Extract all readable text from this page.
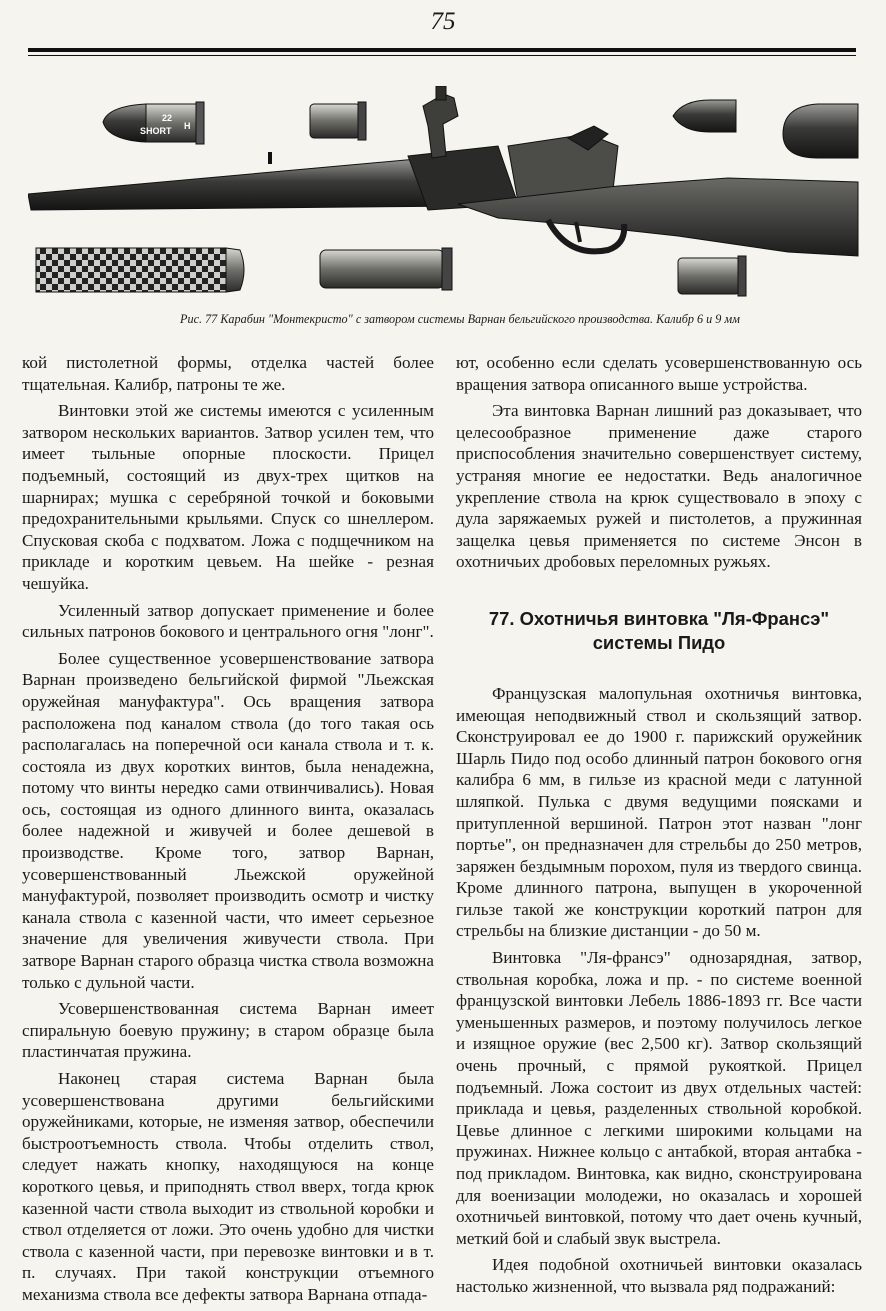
75
22
SHORT H
Рис. 77 Карабин "Монтекристо" с затвором системы Варнан бельгийского производства. Калибр 6 и 9 мм

кой пистолетной формы, отделка частей более тщательная. Калибр, патроны те же.

Винтовки этой же системы имеются с усиленным затвором нескольких вариантов. Затвор усилен тем, что имеет тыльные опорные плоскости. Прицел подъемный, состоящий из двух-трех щитков на шарнирах; мушка с серебряной точкой и боковыми предохранительными крыльями. Спуск со шнеллером. Спусковая скоба с подхватом. Ложа с подщечником на прикладе и коротким цевьем. На шейке - резная чешуйка.

Усиленный затвор допускает применение и более сильных патронов бокового и центрального огня "лонг".

Более существенное усовершенствование затвора Варнан произведено бельгийской фирмой "Льежская оружейная мануфактура". Ось вращения затвора расположена под каналом ствола (до того такая ось располагалась на поперечной оси канала ствола и т. к. состояла из двух коротких винтов, была ненадежна, потому что винты нередко сами отвинчивались). Новая ось, состоящая из одного длинного винта, оказалась более надежной и живучей и более дешевой в производстве. Кроме того, затвор Варнан, усовершенствованный Льежской оружейной мануфактурой, позволяет производить осмотр и чистку канала ствола с казенной части, что имеет серьезное значение для увеличения живучести ствола. При затворе Варнан старого образца чистка ствола возможна только с дульной части.

Усовершенствованная система Варнан имеет спиральную боевую пружину; в старом образце была пластинчатая пружина.

Наконец старая система Варнан была усовершенствована другими бельгийскими оружейниками, которые, не изменяя затвор, обеспечили быстроотъемность ствола. Чтобы отделить ствол, следует нажать кнопку, находящуюся на конце короткого цевья, и приподнять ствол вверх, тогда крюк казенной части ствола выходит из ствольной коробки и ствол отделяется от ложи. Это очень удобно для чистки ствола с казенной части, при перевозке винтовки и в т. п. случаях. При такой конструкции отъемного механизма ствола все дефекты затвора Варнана отпада-

ют, особенно если сделать усовершенствованную ось вращения затвора описанного выше устройства.

Эта винтовка Варнан лишний раз доказывает, что целесообразное применение даже старого приспособления значительно совершенствует систему, устраняя многие ее недостатки. Ведь аналогичное укрепление ствола на крюк существовало в эпоху с дула заряжаемых ружей и пистолетов, а пружинная защелка цевья применяется по системе Энсон в охотничьих дробовых переломных ружьях.

77. Охотничья винтовка "Ля-Франсэ"
системы Пидо

Французская малопульная охотничья винтовка, имеющая неподвижный ствол и скользящий затвор. Сконструировал ее до 1900 г. парижский оружейник Шарль Пидо под особо длинный патрон бокового огня калибра 6 мм, в гильзе из красной меди с латунной шляпкой. Пулька с двумя ведущими поясками и притупленной вершиной. Патрон этот назван "лонг портье", он предназначен для стрельбы до 250 метров, заряжен бездымным порохом, пуля из твердого свинца. Кроме длинного патрона, выпущен в укороченной гильзе такой же конструкции короткий патрон для стрельбы на близкие дистанции - до 50 м.

Винтовка "Ля-франсэ" однозарядная, затвор, ствольная коробка, ложа и пр. - по системе военной французской винтовки Лебель 1886-1893 гг. Все части уменьшенных размеров, и поэтому получилось легкое и изящное оружие (вес 2,500 кг). Затвор скользящий очень прочный, с прямой рукояткой. Прицел подъемный. Ложа состоит из двух отдельных частей: приклада и цевья, разделенных ствольной коробкой. Цевье длинное с легкими широкими кольцами на пружинах. Нижнее кольцо с антабкой, вторая антабка - под прикладом. Винтовка, как видно, сконструирована для военизации молодежи, но оказалась и хорошей охотничьей винтовкой, потому что дает очень кучный, меткий бой и слабый звук выстрела.

Идея подобной охотничьей винтовки оказалась настолько жизненной, что вызвала ряд подражаний:
